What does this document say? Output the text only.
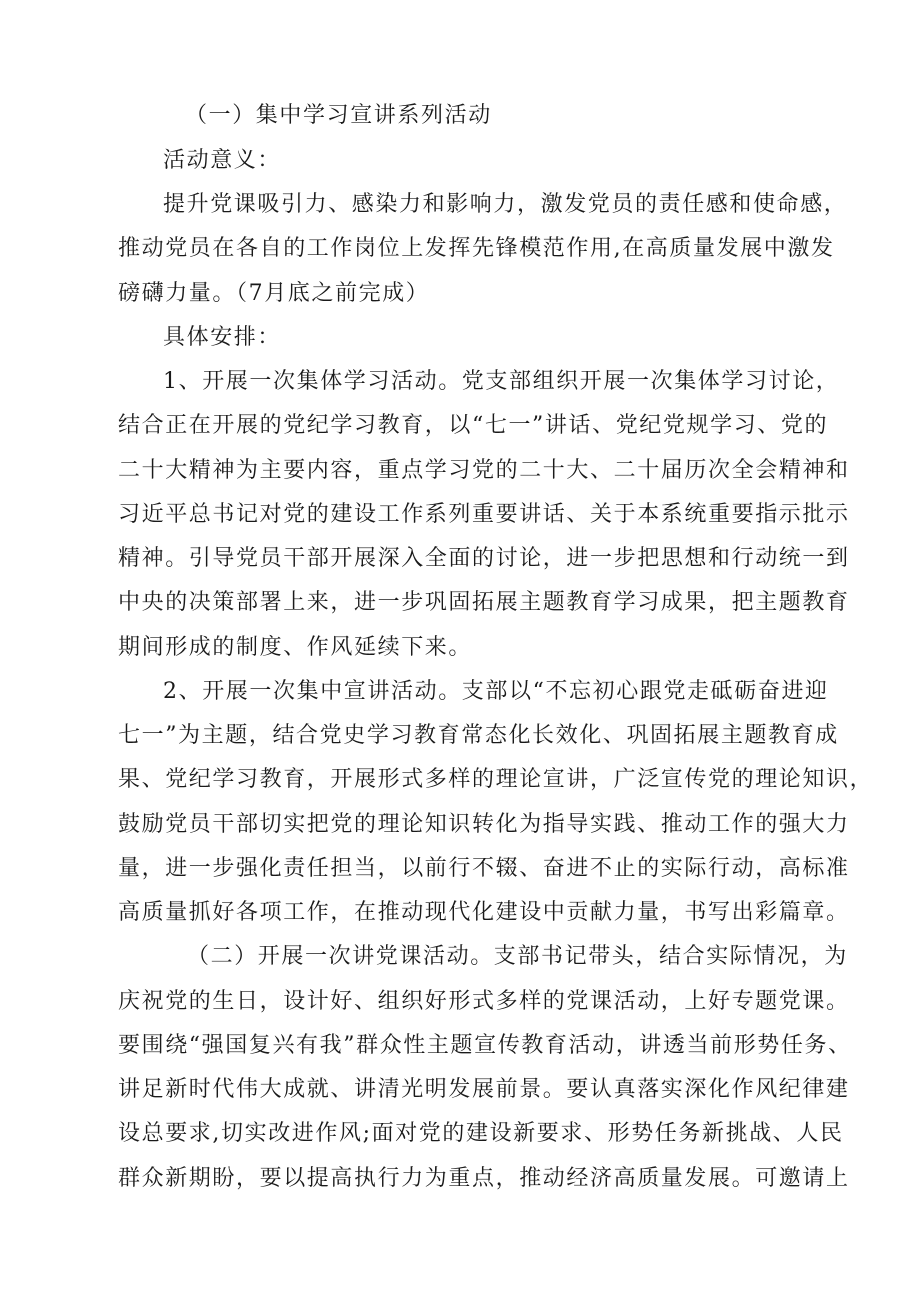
（一）集中学习宣讲系列活动
活动意义：
提升党课吸引力、感染力和影响力，激发党员的责任感和使命感，
推动党员在各自的工作岗位上发挥先锋模范作用,在高质量发展中激发
磅礴力量。（7月底之前完成）
具体安排：
1、开展一次集体学习活动。党支部组织开展一次集体学习讨论，
结合正在开展的党纪学习教育，以“七一”讲话、党纪党规学习、党的
二十大精神为主要内容，重点学习党的二十大、二十届历次全会精神和
习近平总书记对党的建设工作系列重要讲话、关于本系统重要指示批示
精神。引导党员干部开展深入全面的讨论，进一步把思想和行动统一到
中央的决策部署上来，进一步巩固拓展主题教育学习成果，把主题教育
期间形成的制度、作风延续下来。
2、开展一次集中宣讲活动。支部以“不忘初心跟党走砥砺奋进迎
七一”为主题，结合党史学习教育常态化长效化、巩固拓展主题教育成
果、党纪学习教育，开展形式多样的理论宣讲，广泛宣传党的理论知识，
鼓励党员干部切实把党的理论知识转化为指导实践、推动工作的强大力
量，进一步强化责任担当，以前行不辍、奋进不止的实际行动，高标准
高质量抓好各项工作，在推动现代化建设中贡献力量，书写出彩篇章。
（二）开展一次讲党课活动。支部书记带头，结合实际情况，为
庆祝党的生日，设计好、组织好形式多样的党课活动，上好专题党课。
要围绕“强国复兴有我”群众性主题宣传教育活动，讲透当前形势任务、
讲足新时代伟大成就、讲清光明发展前景。要认真落实深化作风纪律建
设总要求,切实改进作风;面对党的建设新要求、形势任务新挑战、人民
群众新期盼，要以提高执行力为重点，推动经济高质量发展。可邀请上
